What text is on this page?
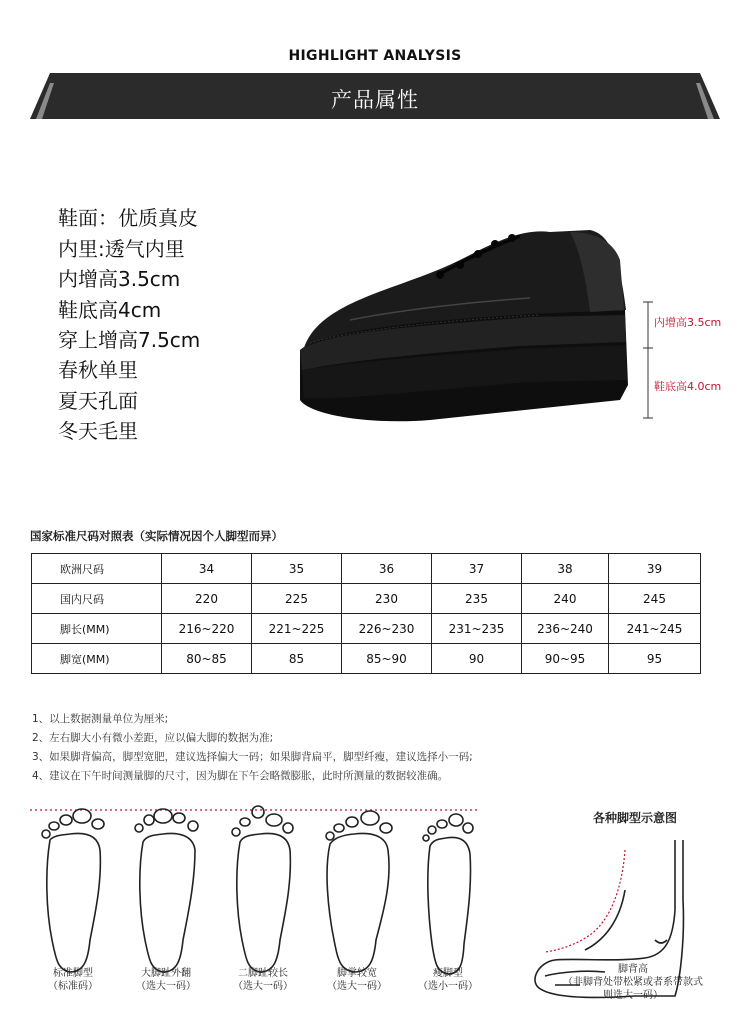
HIGHLIGHT ANALYSIS
产品属性
鞋面：优质真皮
内里:透气内里
内增高3.5cm
鞋底高4cm
穿上增高7.5cm
春秋单里
夏天孔面
冬天毛里
内增高3.5cm
鞋底高4.0cm
国家标准尺码对照表（实际情况因个人脚型而异）
欧洲尺码	34	35	36	37	38	39
国内尺码	220	225	230	235	240	245
脚长(MM)	216~220	221~225	226~230	231~235	236~240	241~245
脚宽(MM)	80~85	85	85~90	90	90~95	95
1、以上数据测量单位为厘米;
2、左右脚大小有微小差距，应以偏大脚的数据为准;
3、如果脚背偏高，脚型宽肥，建议选择偏大一码；如果脚背扁平，脚型纤瘦，建议选择小一码;
4、建议在下午时间测量脚的尺寸，因为脚在下午会略微膨胀，此时所测量的数据较准确。
各种脚型示意图
标准脚型
（标准码）
大脚趾外翻
（选大一码）
二脚趾较长
（选大一码）
脚掌较宽
（选大一码）
瘦脚型
（选小一码）
脚背高
（非脚背处带松紧或者系带款式则选大一码）
